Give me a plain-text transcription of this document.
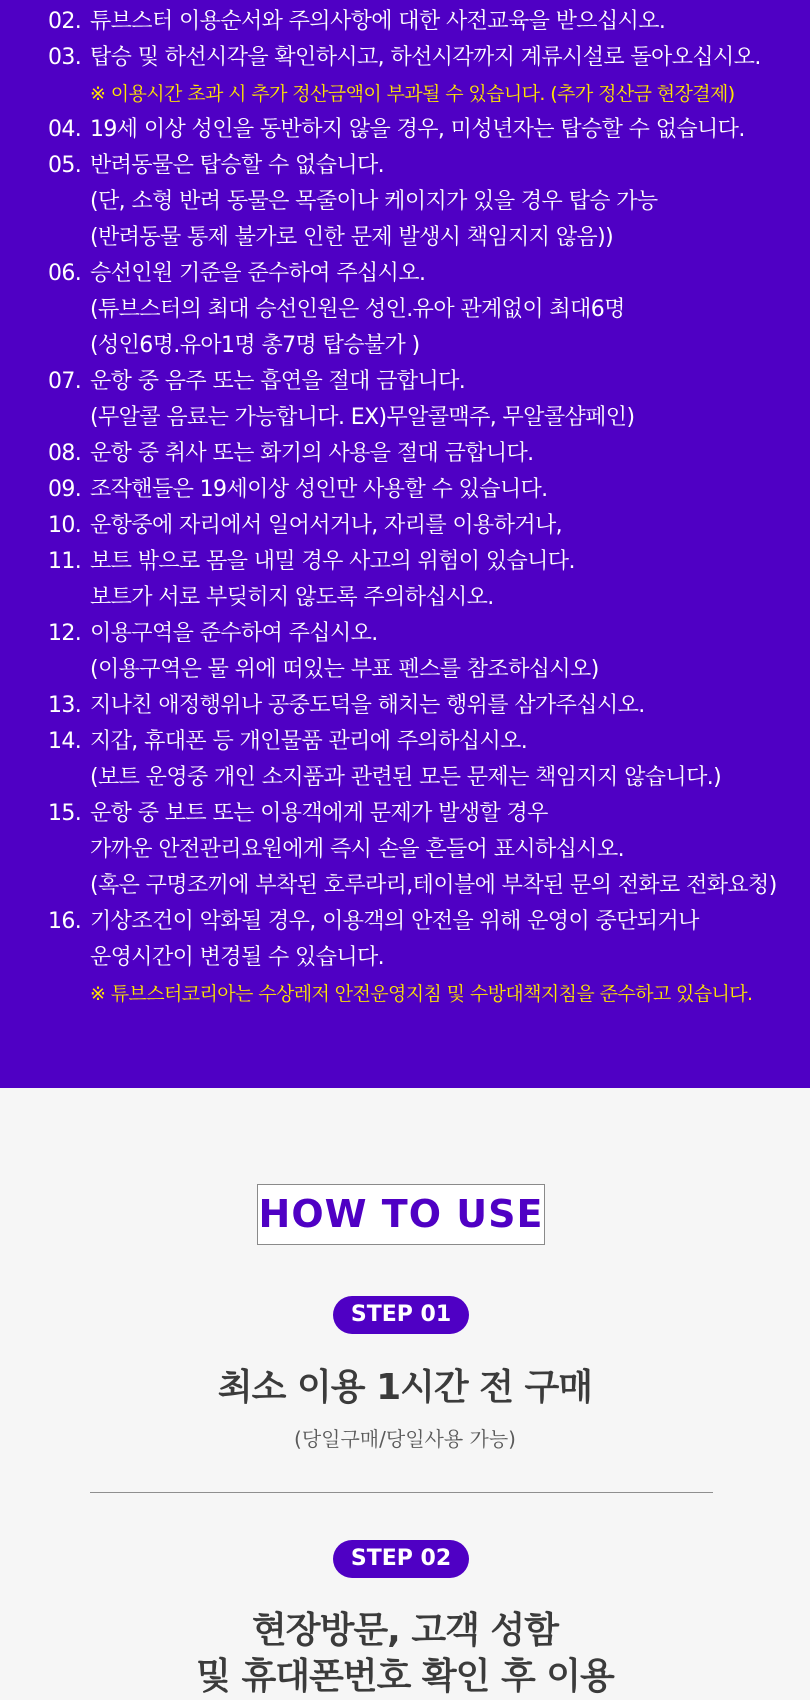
02. 튜브스터 이용순서와 주의사항에 대한 사전교육을 받으십시오.
03. 탑승 및 하선시각을 확인하시고, 하선시각까지 계류시설로 돌아오십시오.
※ 이용시간 초과 시 추가 정산금액이 부과될 수 있습니다. (추가 정산금 현장결제)
04. 19세 이상 성인을 동반하지 않을 경우, 미성년자는 탑승할 수 없습니다.
05. 반려동물은 탑승할 수 없습니다.
(단, 소형 반려 동물은 목줄이나 케이지가 있을 경우 탑승 가능
(반려동물 통제 불가로 인한 문제 발생시 책임지지 않음))
06. 승선인원 기준을 준수하여 주십시오.
(튜브스터의 최대 승선인원은 성인.유아 관계없이 최대6명
(성인6명.유아1명 총7명 탑승불가 )
07. 운항 중 음주 또는 흡연을 절대 금합니다.
(무알콜 음료는 가능합니다. EX)무알콜맥주, 무알콜샴페인)
08. 운항 중 취사 또는 화기의 사용을 절대 금합니다.
09. 조작핸들은 19세이상 성인만 사용할 수 있습니다.
10. 운항중에 자리에서 일어서거나, 자리를 이용하거나,
11. 보트 밖으로 몸을 내밀 경우 사고의 위험이 있습니다.
보트가 서로 부딪히지 않도록 주의하십시오.
12. 이용구역을 준수하여 주십시오.
(이용구역은 물 위에 떠있는 부표 펜스를 참조하십시오)
13. 지나친 애정행위나 공중도덕을 해치는 행위를 삼가주십시오.
14. 지갑, 휴대폰 등 개인물품 관리에 주의하십시오.
(보트 운영중 개인 소지품과 관련된 모든 문제는 책임지지 않습니다.)
15. 운항 중 보트 또는 이용객에게 문제가 발생할 경우
가까운 안전관리요원에게 즉시 손을 흔들어 표시하십시오.
(혹은 구명조끼에 부착된 호루라리,테이블에 부착된 문의 전화로 전화요청)
16. 기상조건이 악화될 경우, 이용객의 안전을 위해 운영이 중단되거나
운영시간이 변경될 수 있습니다.
※ 튜브스터코리아는 수상레저 안전운영지침 및 수방대책지침을 준수하고 있습니다.
HOW TO USE
STEP 01
최소 이용 1시간 전 구매
(당일구매/당일사용 가능)
STEP 02
현장방문, 고객 성함
및 휴대폰번호 확인 후 이용
